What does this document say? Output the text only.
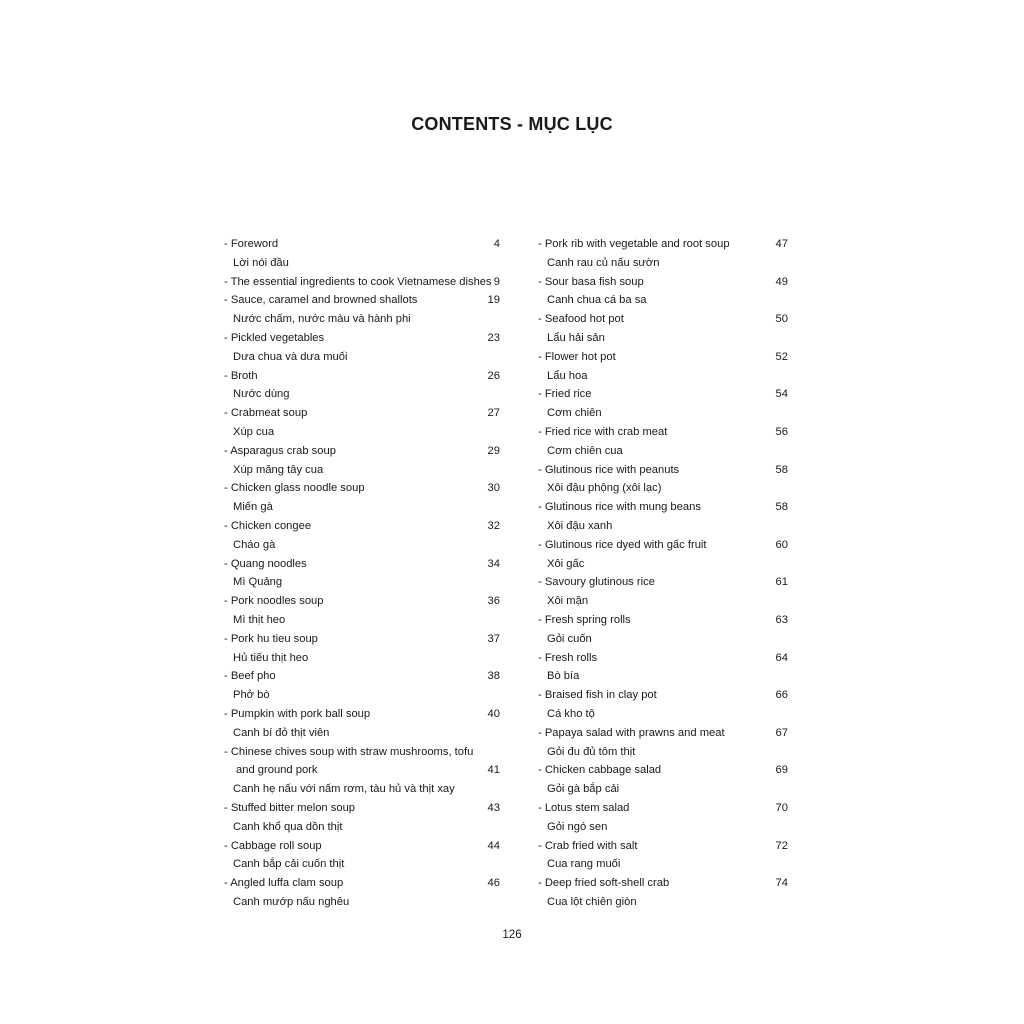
CONTENTS - MỤC LỤC
- Foreword	4
Lời nói đầu
- The essential ingredients to cook Vietnamese dishes 9
- Sauce, caramel and browned shallots	19
Nước chấm, nước màu và hành phi
- Pickled vegetables	23
Dưa chua và dưa muối
- Broth	26
Nước dùng
- Crabmeat soup	27
Xúp cua
- Asparagus crab soup	29
Xúp măng tây cua
- Chicken glass noodle soup	30
Miến gà
- Chicken congee	32
Cháo gà
- Quang noodles	34
Mì Quảng
- Pork noodles soup	36
Mì thịt heo
- Pork hu tieu soup	37
Hủ tiếu thịt heo
- Beef pho	38
Phở bò
- Pumpkin with pork ball soup	40
Canh bí đỏ thịt viên
- Chinese chives soup with straw mushrooms, tofu
and ground pork	41
Canh hẹ nấu với nấm rơm, tàu hủ và thịt xay
- Stuffed bitter melon soup	43
Canh khổ qua dồn thịt
- Cabbage roll soup	44
Canh bắp cải cuốn thịt
- Angled luffa clam soup	46
Canh mướp nấu nghêu
- Pork rib with vegetable and root soup	47
Canh rau củ nấu sườn
- Sour basa fish soup	49
Canh chua cá ba sa
- Seafood hot pot	50
Lẩu hải sản
- Flower hot pot	52
Lẩu hoa
- Fried rice	54
Cơm chiên
- Fried rice with crab meat	56
Cơm chiên cua
- Glutinous rice with peanuts	58
Xôi đậu phộng (xôi lạc)
- Glutinous rice with mung beans	58
Xôi đậu xanh
- Glutinous rice dyed with gấc fruit	60
Xôi gấc
- Savoury glutinous rice	61
Xôi mặn
- Fresh spring rolls	63
Gỏi cuốn
- Fresh rolls	64
Bò bía
- Braised fish in clay pot	66
Cá kho tộ
- Papaya salad with prawns and meat	67
Gỏi đu đủ tôm thịt
- Chicken cabbage salad	69
Gỏi gà bắp cải
- Lotus stem salad	70
Gỏi ngó sen
- Crab fried with salt	72
Cua rang muối
- Deep fried soft-shell crab	74
Cua lột chiên giòn
126
